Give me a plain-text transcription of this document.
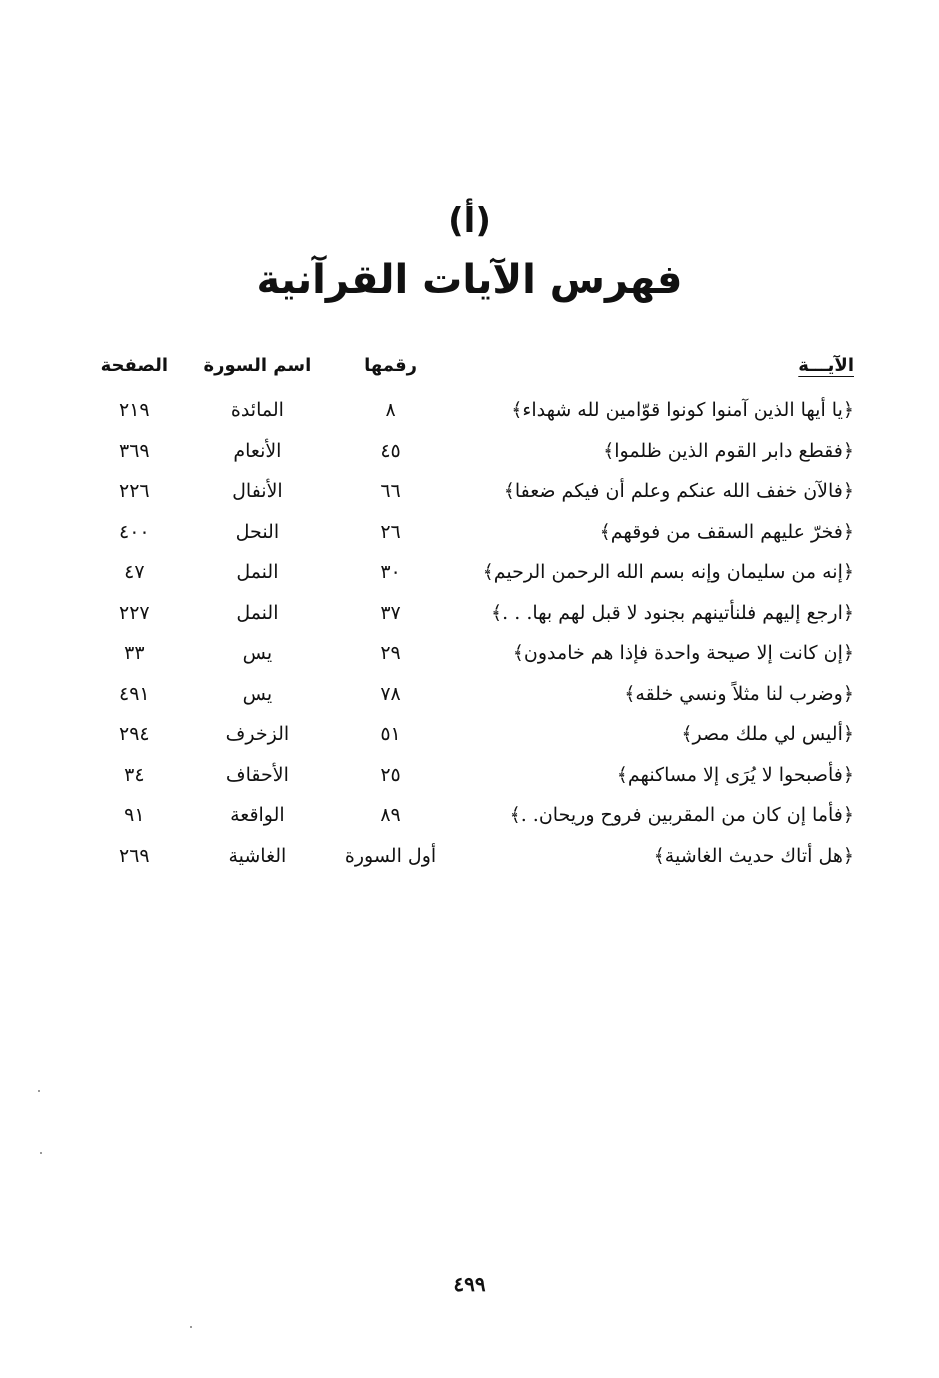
(أ)
فهرس الآيات القرآنية
الآيـــة	رقمها	اسم السورة	الصفحة
﴿يا أيها الذين آمنوا كونوا قوّامين لله شهداء﴾	٨	المائدة	٢١٩
﴿فقطع دابر القوم الذين ظلموا﴾	٤٥	الأنعام	٣٦٩
﴿فالآن خفف الله عنكم وعلم أن فيكم ضعفا﴾	٦٦	الأنفال	٢٢٦
﴿فخرّ عليهم السقف من فوقهم﴾	٢٦	النحل	٤٠٠
﴿إنه من سليمان وإنه بسم الله الرحمن الرحيم﴾	٣٠	النمل	٤٧
﴿ارجع إليهم فلنأتينهم بجنود لا قبل لهم بها. . .﴾	٣٧	النمل	٢٢٧
﴿إن كانت إلا صيحة واحدة فإذا هم خامدون﴾	٢٩	يس	٣٣
﴿وضرب لنا مثلاً ونسي خلقه﴾	٧٨	يس	٤٩١
﴿أليس لي ملك مصر﴾	٥١	الزخرف	٢٩٤
﴿فأصبحوا لا يُرَى إلا مساكنهم﴾	٢٥	الأحقاف	٣٤
﴿فأما إن كان من المقربين فروح وريحان. .﴾	٨٩	الواقعة	٩١
﴿هل أتاك حديث الغاشية﴾	أول السورة	الغاشية	٢٦٩
٤٩٩
